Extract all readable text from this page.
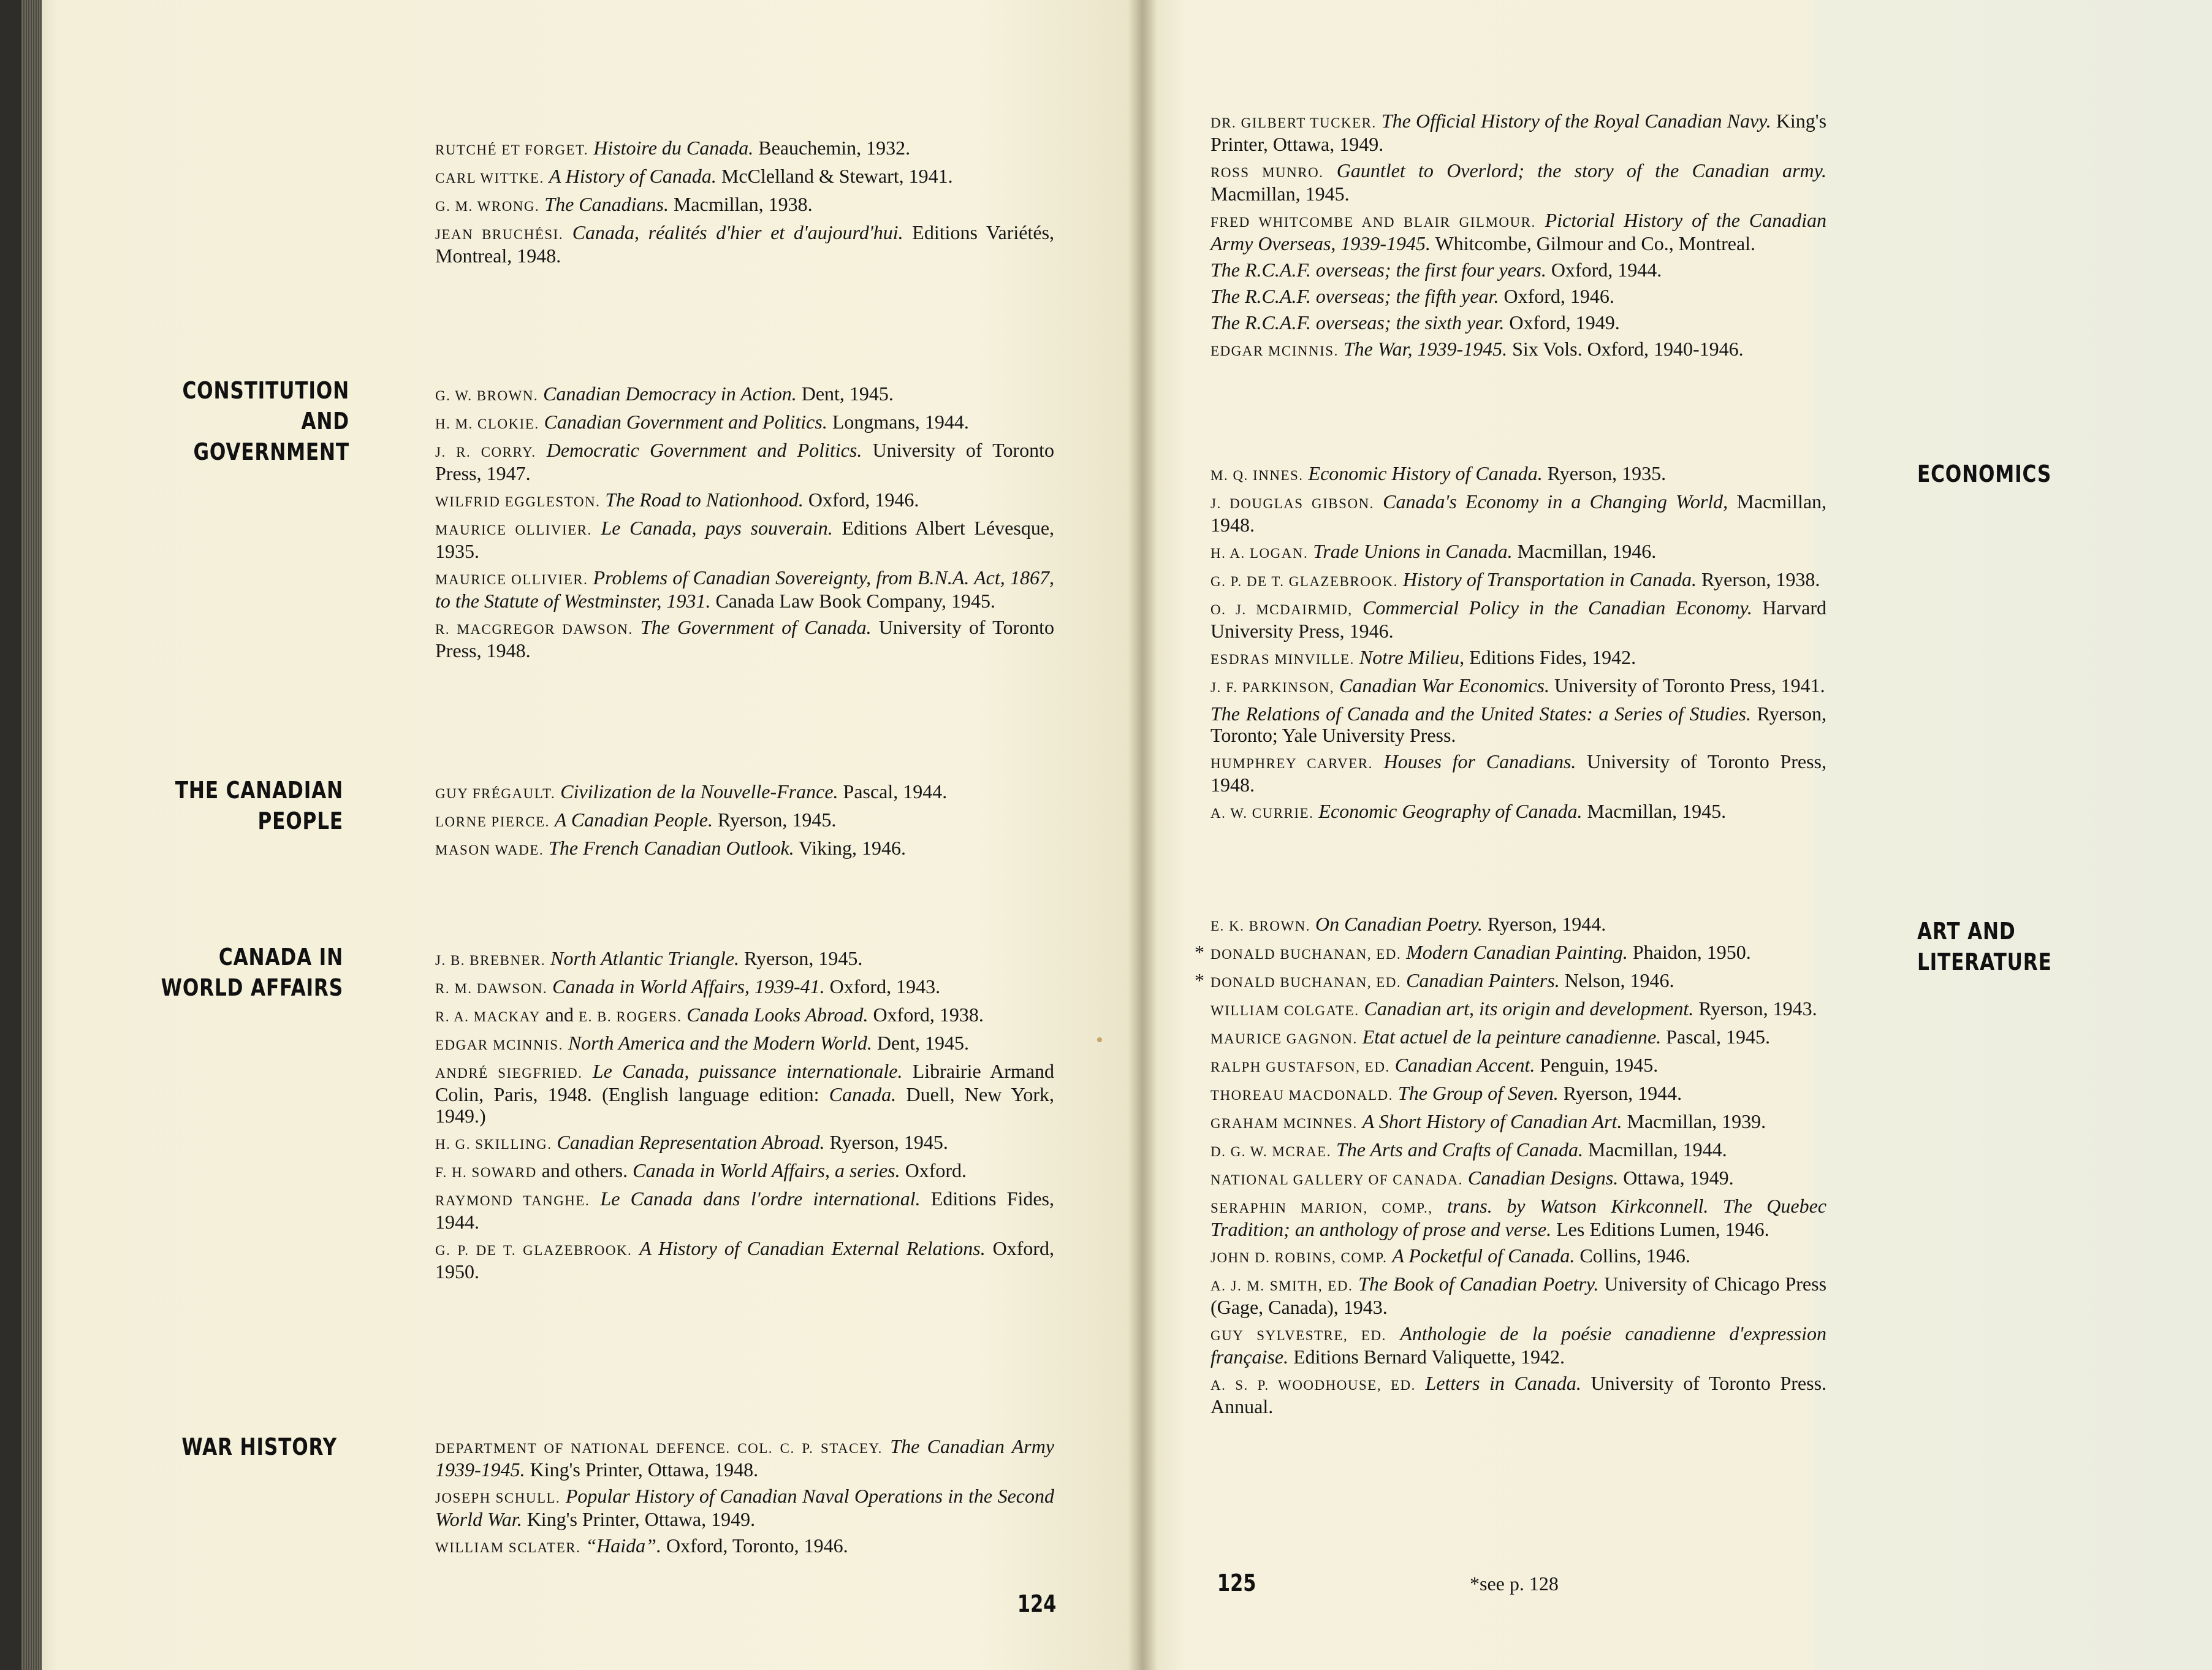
RUTCHÉ ET FORGET. Histoire du Canada. Beauchemin, 1932.
CARL WITTKE. A History of Canada. McClelland & Stewart, 1941.
G. M. WRONG. The Canadians. Macmillan, 1938.
JEAN BRUCHÉSI. Canada, réalités d'hier et d'aujourd'hui. Editions Variétés, Montreal, 1948.
CONSTITUTION
AND GOVERNMENT
G. W. BROWN. Canadian Democracy in Action. Dent, 1945.
H. M. CLOKIE. Canadian Government and Politics. Longmans, 1944.
J. R. CORRY. Democratic Government and Politics. University of Toronto Press, 1947.
WILFRID EGGLESTON. The Road to Nationhood. Oxford, 1946.
MAURICE OLLIVIER. Le Canada, pays souverain. Editions Albert Lévesque, 1935.
MAURICE OLLIVIER. Problems of Canadian Sovereignty, from B.N.A. Act, 1867, to the Statute of Westminster, 1931. Canada Law Book Company, 1945.
R. MACGREGOR DAWSON. The Government of Canada. University of Toronto Press, 1948.
THE CANADIAN
PEOPLE
GUY FRÉGAULT. Civilization de la Nouvelle-France. Pascal, 1944.
LORNE PIERCE. A Canadian People. Ryerson, 1945.
MASON WADE. The French Canadian Outlook. Viking, 1946.
CANADA IN
WORLD AFFAIRS
J. B. BREBNER. North Atlantic Triangle. Ryerson, 1945.
R. M. DAWSON. Canada in World Affairs, 1939-41. Oxford, 1943.
R. A. MACKAY and E. B. ROGERS. Canada Looks Abroad. Oxford, 1938.
EDGAR MCINNIS. North America and the Modern World. Dent, 1945.
ANDRÉ SIEGFRIED. Le Canada, puissance internationale. Librairie Armand Colin, Paris, 1948. (English language edition: Canada. Duell, New York, 1949.)
H. G. SKILLING. Canadian Representation Abroad. Ryerson, 1945.
F. H. SOWARD and others. Canada in World Affairs, a series. Oxford.
RAYMOND TANGHE. Le Canada dans l'ordre international. Editions Fides, 1944.
G. P. DE T. GLAZEBROOK. A History of Canadian External Relations. Oxford, 1950.
WAR HISTORY	DEPARTMENT OF NATIONAL DEFENCE. COL. C. P. STACEY. The Canadian Army 1939-1945. King's Printer, Ottawa, 1948.
JOSEPH SCHULL. Popular History of Canadian Naval Operations in the Second World War. King's Printer, Ottawa, 1949.
WILLIAM SCLATER. “Haida”. Oxford, Toronto, 1946.
124
DR. GILBERT TUCKER. The Official History of the Royal Canadian Navy. King's Printer, Ottawa, 1949.
ROSS MUNRO. Gauntlet to Overlord; the story of the Canadian army. Macmillan, 1945.
FRED WHITCOMBE AND BLAIR GILMOUR. Pictorial History of the Canadian Army Overseas, 1939-1945. Whitcombe, Gilmour and Co., Montreal.
The R.C.A.F. overseas; the first four years. Oxford, 1944.
The R.C.A.F. overseas; the fifth year. Oxford, 1946.
The R.C.A.F. overseas; the sixth year. Oxford, 1949.
EDGAR MCINNIS. The War, 1939-1945. Six Vols. Oxford, 1940-1946.
ECONOMICS
M. Q. INNES. Economic History of Canada. Ryerson, 1935.
J. DOUGLAS GIBSON. Canada's Economy in a Changing World, Macmillan, 1948.
H. A. LOGAN. Trade Unions in Canada. Macmillan, 1946.
G. P. DE T. GLAZEBROOK. History of Transportation in Canada. Ryerson, 1938.
O. J. MCDAIRMID, Commercial Policy in the Canadian Economy. Harvard University Press, 1946.
ESDRAS MINVILLE. Notre Milieu, Editions Fides, 1942.
J. F. PARKINSON, Canadian War Economics. University of Toronto Press, 1941.
The Relations of Canada and the United States: a Series of Studies. Ryerson, Toronto; Yale University Press.
HUMPHREY CARVER. Houses for Canadians. University of Toronto Press, 1948.
A. W. CURRIE. Economic Geography of Canada. Macmillan, 1945.
ART AND
LITERATURE
E. K. BROWN. On Canadian Poetry. Ryerson, 1944.
DONALD BUCHANAN, ED. Modern Canadian Painting. Phaidon, 1950.
DONALD BUCHANAN, ED. Canadian Painters. Nelson, 1946.
WILLIAM COLGATE. Canadian art, its origin and development. Ryerson, 1943.
MAURICE GAGNON. Etat actuel de la peinture canadienne. Pascal, 1945.
RALPH GUSTAFSON, ED. Canadian Accent. Penguin, 1945.
THOREAU MACDONALD. The Group of Seven. Ryerson, 1944.
GRAHAM MCINNES. A Short History of Canadian Art. Macmillan, 1939.
D. G. W. MCRAE. The Arts and Crafts of Canada. Macmillan, 1944.
NATIONAL GALLERY OF CANADA. Canadian Designs. Ottawa, 1949.
SERAPHIN MARION, COMP., trans. by Watson Kirkconnell. The Quebec Tradition; an anthology of prose and verse. Les Editions Lumen, 1946.
JOHN D. ROBINS, COMP. A Pocketful of Canada. Collins, 1946.
A. J. M. SMITH, ED. The Book of Canadian Poetry. University of Chicago Press (Gage, Canada), 1943.
GUY SYLVESTRE, ED. Anthologie de la poésie canadienne d'expression française. Editions Bernard Valiquette, 1942.
A. S. P. WOODHOUSE, ED. Letters in Canada. University of Toronto Press. Annual.
125	*see p. 128
